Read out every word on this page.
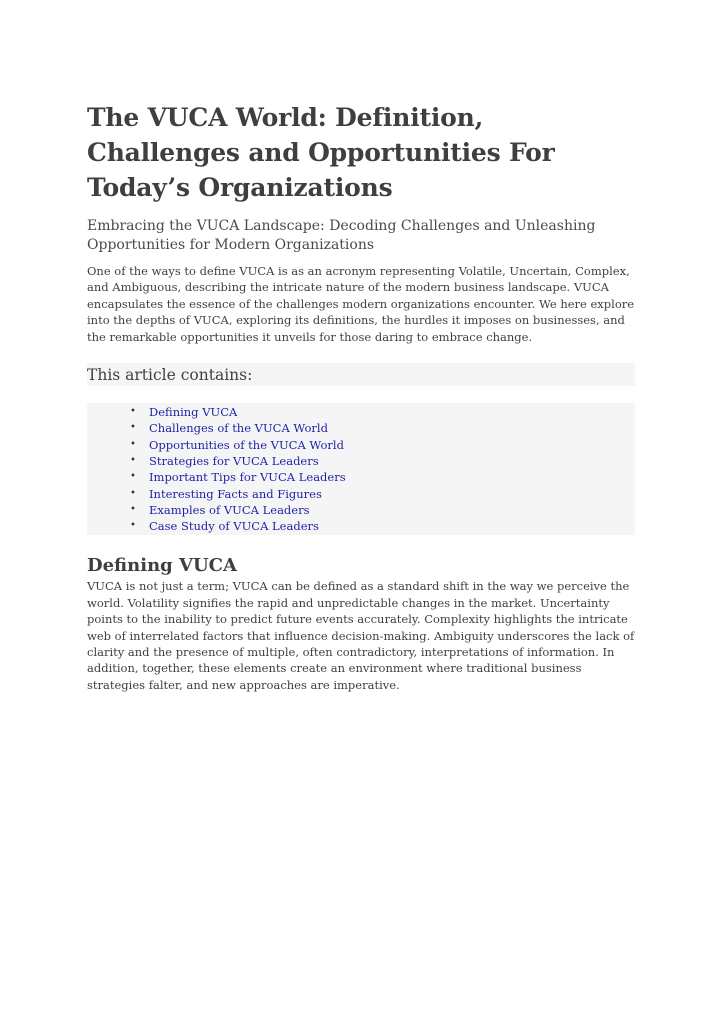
The VUCA World: Definition, Challenges and Opportunities For Today’s Organizations

Embracing the VUCA Landscape: Decoding Challenges and Unleashing Opportunities for Modern Organizations

One of the ways to define VUCA is as an acronym representing Volatile, Uncertain, Complex, and Ambiguous, describing the intricate nature of the modern business landscape. VUCA encapsulates the essence of the challenges modern organizations encounter. We here explore into the depths of VUCA, exploring its definitions, the hurdles it imposes on businesses, and the remarkable opportunities it unveils for those daring to embrace change.

This article contains:
• Defining VUCA
• Challenges of the VUCA World
• Opportunities of the VUCA World
• Strategies for VUCA Leaders
• Important Tips for VUCA Leaders
• Interesting Facts and Figures
• Examples of VUCA Leaders
• Case Study of VUCA Leaders
Defining VUCA

VUCA is not just a term; VUCA can be defined as a standard shift in the way we perceive the world. Volatility signifies the rapid and unpredictable changes in the market. Uncertainty points to the inability to predict future events accurately. Complexity highlights the intricate web of interrelated factors that influence decision-making. Ambiguity underscores the lack of clarity and the presence of multiple, often contradictory, interpretations of information. In addition, together, these elements create an environment where traditional business strategies falter, and new approaches are imperative.
